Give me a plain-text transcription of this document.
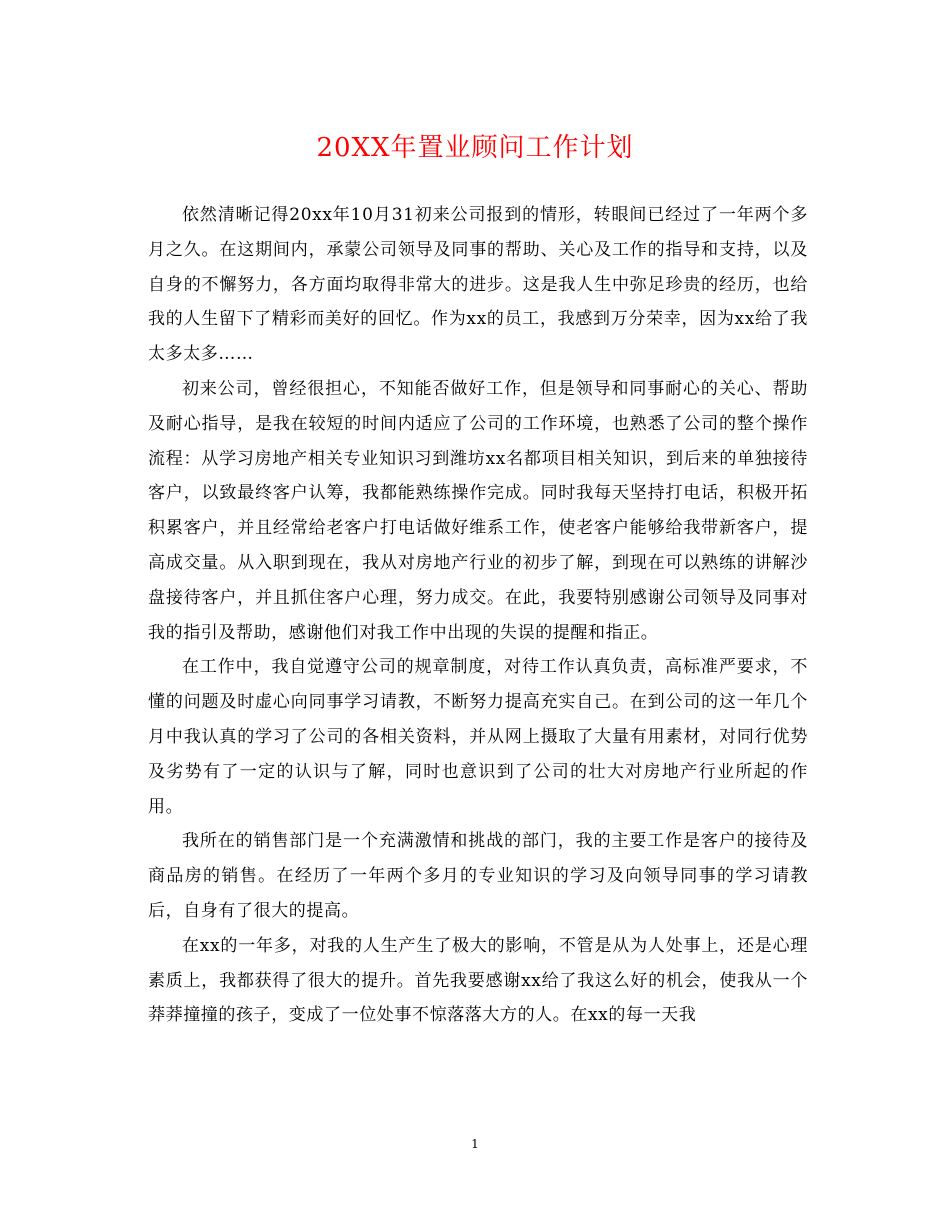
20XX年置业顾问工作计划

依然清晰记得20xx年10月31初来公司报到的情形，转眼间已经过了一年两个多月之久。在这期间内，承蒙公司领导及同事的帮助、关心及工作的指导和支持，以及自身的不懈努力，各方面均取得非常大的进步。这是我人生中弥足珍贵的经历，也给我的人生留下了精彩而美好的回忆。作为xx的员工，我感到万分荣幸，因为xx给了我太多太多……

初来公司，曾经很担心，不知能否做好工作，但是领导和同事耐心的关心、帮助及耐心指导，是我在较短的时间内适应了公司的工作环境，也熟悉了公司的整个操作流程：从学习房地产相关专业知识习到潍坊xx名都项目相关知识，到后来的单独接待客户，以致最终客户认筹，我都能熟练操作完成。同时我每天坚持打电话，积极开拓积累客户，并且经常给老客户打电话做好维系工作，使老客户能够给我带新客户，提高成交量。从入职到现在，我从对房地产行业的初步了解，到现在可以熟练的讲解沙盘接待客户，并且抓住客户心理，努力成交。在此，我要特别感谢公司领导及同事对我的指引及帮助，感谢他们对我工作中出现的失误的提醒和指正。

在工作中，我自觉遵守公司的规章制度，对待工作认真负责，高标准严要求，不懂的问题及时虚心向同事学习请教，不断努力提高充实自己。在到公司的这一年几个月中我认真的学习了公司的各相关资料，并从网上摄取了大量有用素材，对同行优势及劣势有了一定的认识与了解，同时也意识到了公司的壮大对房地产行业所起的作用。

我所在的销售部门是一个充满激情和挑战的部门，我的主要工作是客户的接待及商品房的销售。在经历了一年两个多月的专业知识的学习及向领导同事的学习请教后，自身有了很大的提高。

在xx的一年多，对我的人生产生了极大的影响，不管是从为人处事上，还是心理素质上，我都获得了很大的提升。首先我要感谢xx给了我这么好的机会，使我从一个莽莽撞撞的孩子，变成了一位处事不惊落落大方的人。在xx的每一天我

1
